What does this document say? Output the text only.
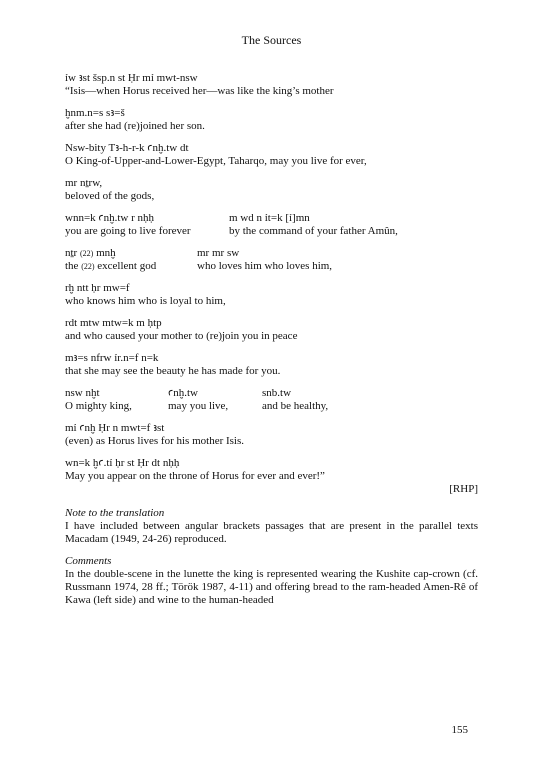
The Sources
ỉw ꜣst šsp.n st Ḥr mỉ mwt-nsw
“Isis—when Horus received her—was like the king’s mother
ḫnm.n=s sꜣ=š
after she had (re)joined her son.
Nsw-bity Tꜣ-h-r-k ꜥnḫ.tw dt
O King-of-Upper-and-Lower-Egypt, Taharqo, may you live for ever,
mr nṯrw,
beloved of the gods,
wnn=k ꜥnḫ.tw r nḥḥ	m wd n ỉt=k [ỉ]mn
you are going to live forever	by the command of your father Amûn,
nṯr (22) mnḫ	mr mr sw
the (22) excellent god	who loves him who loves him,
rḫ ntt ḥr mw=f
who knows him who is loyal to him,
rdt mtw mtw=k m ḥtp
and who caused your mother to (re)join you in peace
mꜣ=s nfrw ỉr.n=f n=k
that she may see the beauty he has made for you.
nsw nḫt	ꜥnḫ.tw	snb.tw
O mighty king,	may you live,	and be healthy,
mỉ ꜥnḫ Ḥr n mwt=f ꜣst
(even) as Horus lives for his mother Isis.
wn=k ḫꜥ.tỉ ḥr st Ḥr dt nḥḥ
May you appear on the throne of Horus for ever and ever!”
[RHP]
Note to the translation
I have included between angular brackets passages that are present in the parallel texts Macadam (1949, 24-26) reproduced.
Comments
In the double-scene in the lunette the king is represented wearing the Kushite cap-crown (cf. Russmann 1974, 28 ff.; Török 1987, 4-11) and offering bread to the ram-headed Amen-Rê of Kawa (left side) and wine to the human-headed
155
